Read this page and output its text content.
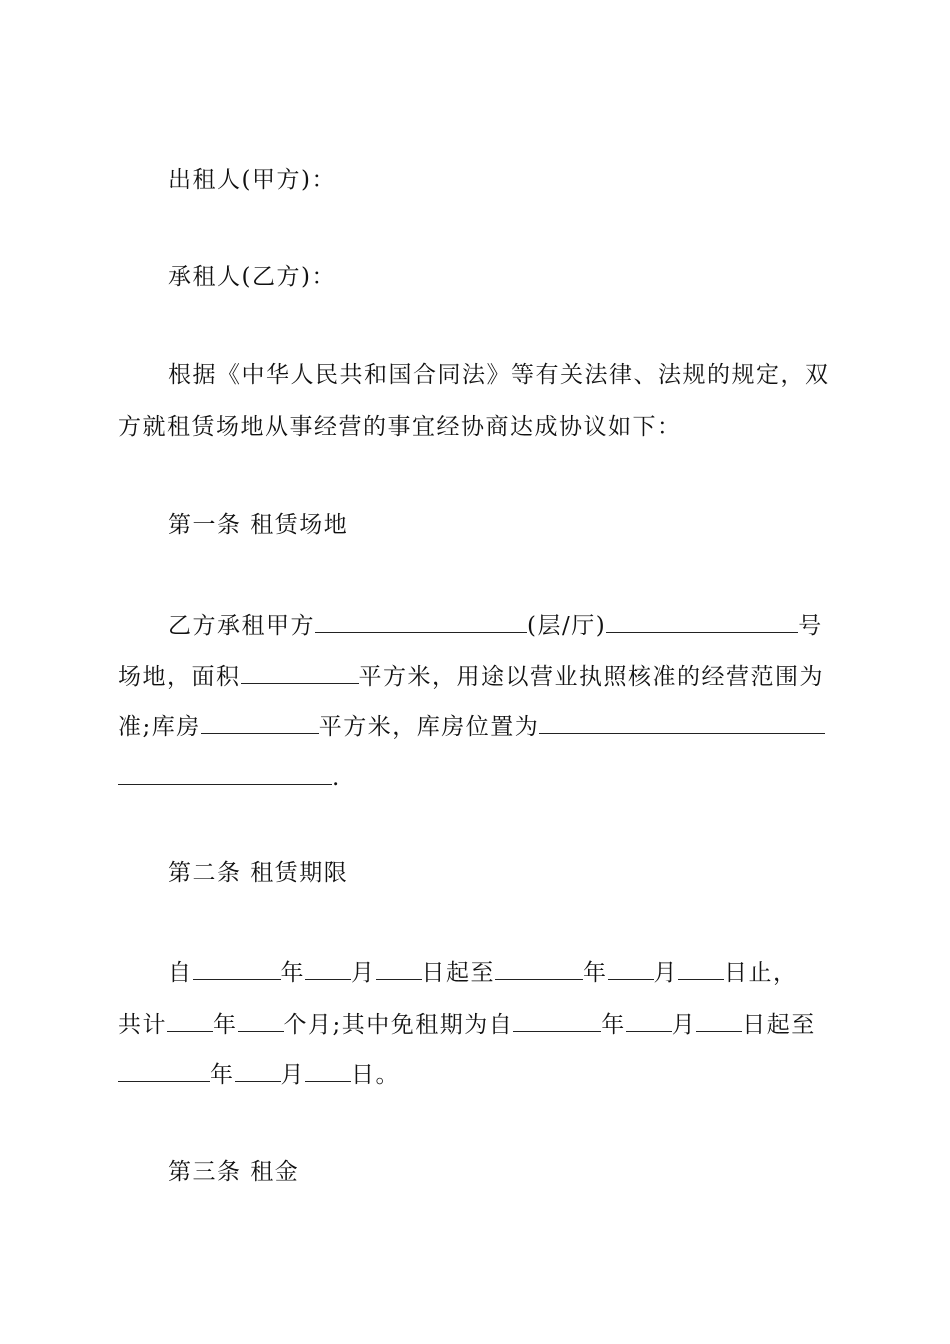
出租人(甲方)：
承租人(乙方)：
根据《中华人民共和国合同法》等有关法律、法规的规定，双
方就租赁场地从事经营的事宜经协商达成协议如下：
第一条 租赁场地
乙方承租甲方	(层/厅)	号
场地，面积	平方米，用途以营业执照核准的经营范围为
准;库房	平方米，库房位置为
.
第二条 租赁期限
自	年 月 日起至	年 月 日止，
共计 年 个月;其中免租期为自	年 月 日起至
年 月 日。
第三条 租金
